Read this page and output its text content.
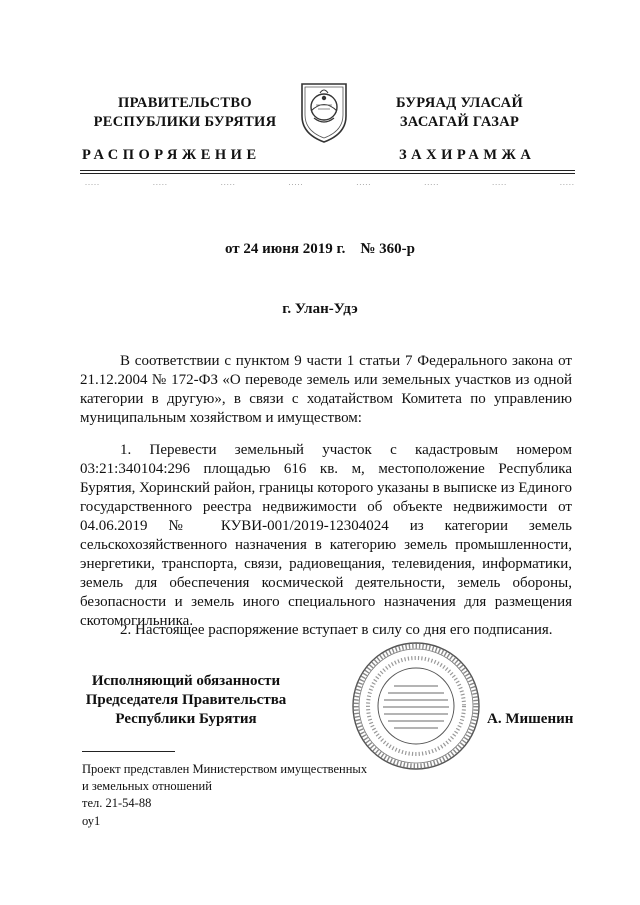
ПРАВИТЕЛЬСТВО
РЕСПУБЛИКИ БУРЯТИЯ
БУРЯАД УЛАСАЙ
ЗАСАГАЙ ГАЗАР
РАСПОРЯЖЕНИЕ	ЗАХИРАМЖА
.....	.....	.....	.....	.....	.....	.....	.....
от 24 июня 2019 г.    № 360-р
г. Улан-Удэ

В соответствии с пунктом 9 части 1 статьи 7 Федерального закона от 21.12.2004 № 172-ФЗ «О переводе земель или земельных участков из одной категории в другую», в связи с ходатайством Комитета по управлению муниципальным хозяйством и имуществом:

1. Перевести земельный участок с кадастровым номером 03:21:340104:296 площадью 616 кв. м, местоположение Республика Бурятия, Хоринский район, границы которого указаны в выписке из Единого государственного реестра недвижимости об объекте недвижимости от 04.06.2019 № КУВИ-001/2019-12304024 из категории земель сельскохозяйственного назначения в категорию земель промышленности, энергетики, транспорта, связи, радиовещания, телевидения, информатики, земель для обеспечения космической деятельности, земель обороны, безопасности и земель иного специального назначения для размещения скотомогильника.

2. Настоящее распоряжение вступает в силу со дня его подписания.

Исполняющий обязанности
Председателя Правительства
Республики Бурятия	А. Мишенин
Проект представлен Министерством имущественных
и земельных отношений
тел. 21-54-88
оу1
